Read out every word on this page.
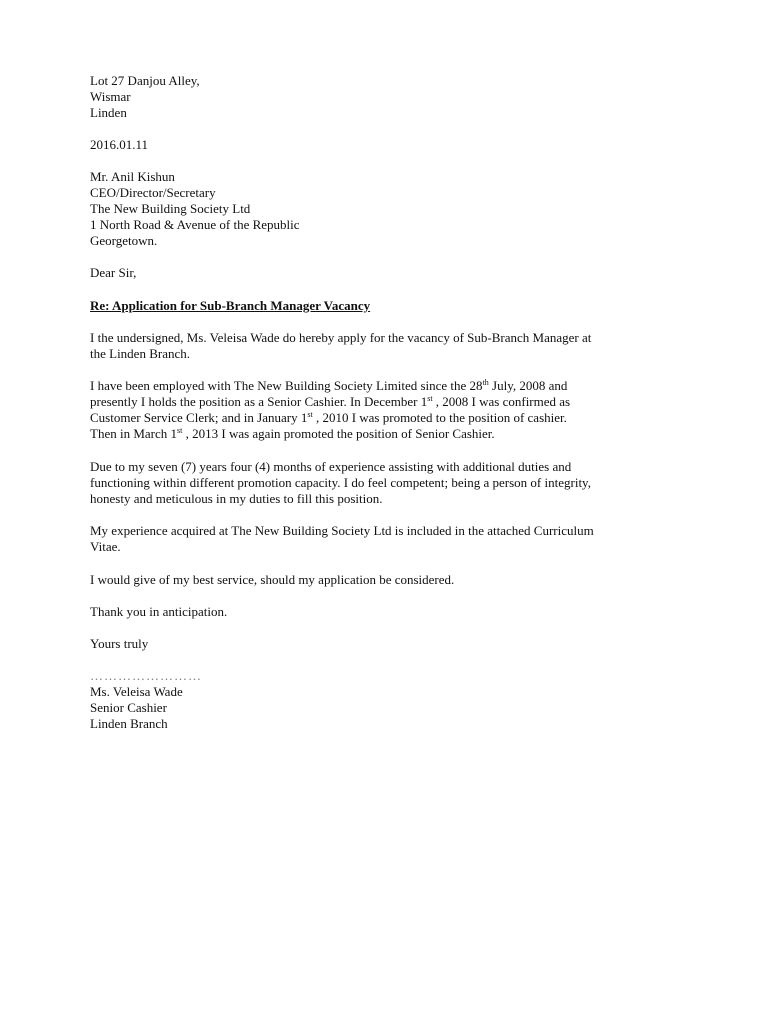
Lot 27 Danjou Alley,
Wismar
Linden
2016.01.11
Mr. Anil Kishun
CEO/Director/Secretary
The New Building Society Ltd
1 North Road & Avenue of the Republic
Georgetown.
Dear Sir,
Re: Application for Sub-Branch Manager Vacancy
I the undersigned, Ms. Veleisa Wade do hereby apply for the vacancy of Sub-Branch Manager at
the Linden Branch.
I have been employed with The New Building Society Limited since the 28th July, 2008 and
presently I holds the position as a Senior Cashier. In December 1st , 2008 I was confirmed as
Customer Service Clerk; and in January 1st , 2010 I was promoted to the position of cashier.
Then in March 1st , 2013 I was again promoted the position of Senior Cashier.
Due to my seven (7) years four (4) months of experience assisting with additional duties and
functioning within different promotion capacity. I do feel competent; being a person of integrity,
honesty and meticulous in my duties to fill this position.
My experience acquired at The New Building Society Ltd is included in the attached Curriculum
Vitae.
I would give of my best service, should my application be considered.
Thank you in anticipation.
Yours truly
……………………
Ms. Veleisa Wade
Senior Cashier
Linden Branch
